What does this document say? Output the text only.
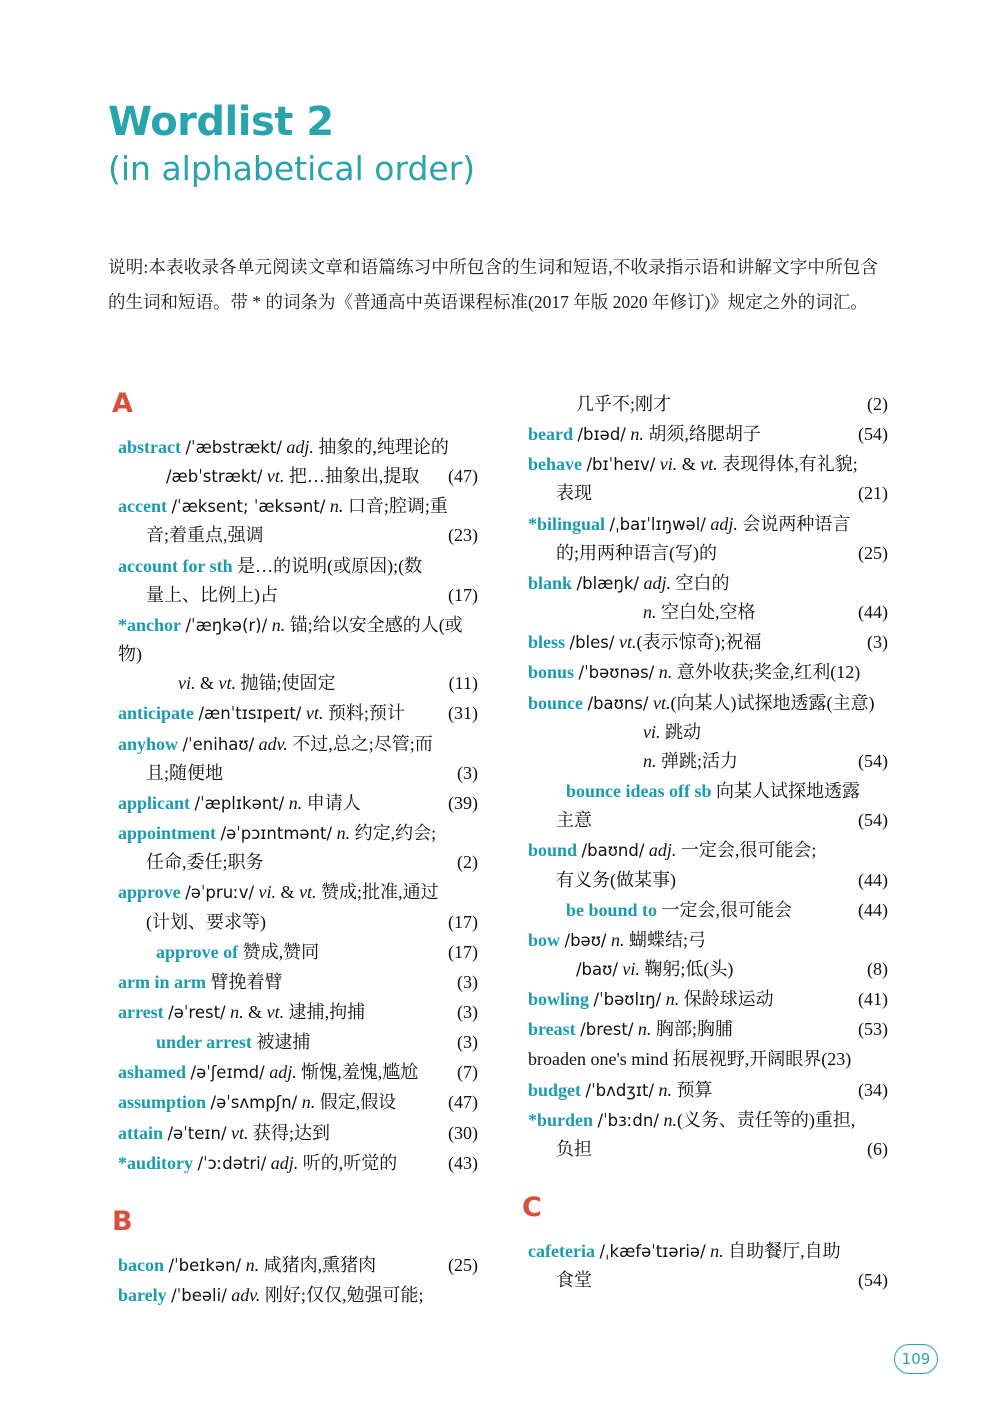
Wordlist 2
(in alphabetical order)
说明:本表收录各单元阅读文章和语篇练习中所包含的生词和短语,不收录指示语和讲解文字中所包含的生词和短语。带 * 的词条为《普通高中英语课程标准(2017 年版 2020 年修订)》规定之外的词汇。
A
abstract /ˈæbstrækt/ adj. 抽象的,纯理论的
(47)
/æbˈstrækt/ vt. 把…抽象出,提取
accent /ˈæksent; ˈæksənt/ n. 口音;腔调;重
(23)
音;着重点,强调
account for sth 是…的说明(或原因);(数
(17)
量上、比例上)占
*anchor /ˈæŋkə(r)/ n. 锚;给以安全感的人(或物)
(11)
vi. & vt. 抛锚;使固定
(31)
anticipate /ænˈtɪsɪpeɪt/ vt. 预料;预计
anyhow /ˈenihaʊ/ adv. 不过,总之;尽管;而
(3)
且;随便地
(39)
applicant /ˈæplɪkənt/ n. 申请人
appointment /əˈpɔɪntmənt/ n. 约定,约会;
(2)
任命,委任;职务
approve /əˈpruːv/ vi. & vt. 赞成;批准,通过
(17)
(计划、要求等)
(17)
approve of 赞成,赞同
(3)
arm in arm 臂挽着臂
(3)
arrest /əˈrest/ n. & vt. 逮捕,拘捕
(3)
under arrest 被逮捕
(7)
ashamed /əˈʃeɪmd/ adj. 惭愧,羞愧,尴尬
(47)
assumption /əˈsʌmpʃn/ n. 假定,假设
(30)
attain /əˈteɪn/ vt. 获得;达到
(43)
*auditory /ˈɔːdətri/ adj. 听的,听觉的
B
(25)
bacon /ˈbeɪkən/ n. 咸猪肉,熏猪肉
barely /ˈbeəli/ adv. 刚好;仅仅,勉强可能;
(2)
几乎不;刚才
(54)
beard /bɪəd/ n. 胡须,络腮胡子
behave /bɪˈheɪv/ vi. & vt. 表现得体,有礼貌;
(21)
表现
*bilingual /ˌbaɪˈlɪŋwəl/ adj. 会说两种语言
(25)
的;用两种语言(写)的
blank /blæŋk/ adj. 空白的
(44)
n. 空白处,空格
(3)
bless /bles/ vt.(表示惊奇);祝福
bonus /ˈbəʊnəs/ n. 意外收获;奖金,红利(12)
bounce /baʊns/ vt.(向某人)试探地透露(主意)
vi. 跳动
(54)
n. 弹跳;活力
bounce ideas off sb 向某人试探地透露
(54)
主意
bound /baʊnd/ adj. 一定会,很可能会;
(44)
有义务(做某事)
(44)
be bound to 一定会,很可能会
bow /bəʊ/ n. 蝴蝶结;弓
(8)
/baʊ/ vi. 鞠躬;低(头)
(41)
bowling /ˈbəʊlɪŋ/ n. 保龄球运动
(53)
breast /brest/ n. 胸部;胸脯
broaden one's mind 拓展视野,开阔眼界(23)
(34)
budget /ˈbʌdʒɪt/ n. 预算
*burden /ˈbɜːdn/ n.(义务、责任等的)重担,
(6)
负担
C
cafeteria /ˌkæfəˈtɪəriə/ n. 自助餐厅,自助
(54)
食堂
109
